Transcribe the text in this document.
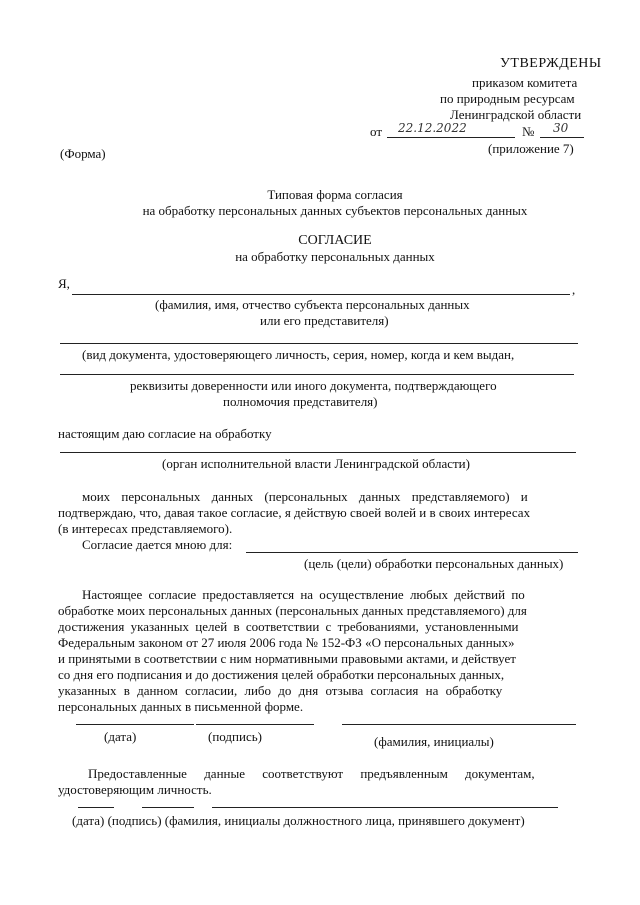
УТВЕРЖДЕНЫ
приказом комитета
по природным ресурсам
Ленинградской области
от 22.12.2022	№ 30
(приложение 7)
(Форма)
Типовая форма согласия
на обработку персональных данных субъектов персональных данных
СОГЛАСИЕ
на обработку персональных данных
Я,	,
(фамилия, имя, отчество субъекта персональных данных
или его представителя)
(вид документа, удостоверяющего личность, серия, номер, когда и кем выдан,
реквизиты доверенности или иного документа, подтверждающего
полномочия представителя)
настоящим даю согласие на обработку
(орган исполнительной власти Ленинградской области)
моих персональных данных (персональных данных представляемого) и
подтверждаю, что, давая такое согласие, я действую своей волей и в своих интересах
(в интересах представляемого).
Согласие дается мною для:
(цель (цели) обработки персональных данных)
Настоящее согласие предоставляется на осуществление любых действий по
обработке моих персональных данных (персональных данных представляемого) для
достижения указанных целей в соответствии с требованиями, установленными
Федеральным законом от 27 июля 2006 года № 152-ФЗ «О персональных данных»
и принятыми в соответствии с ним нормативными правовыми актами, и действует
со дня его подписания и до достижения целей обработки персональных данных,
указанных в данном согласии, либо до дня отзыва согласия на обработку
персональных данных в письменной форме.
(дата)	(подпись)	(фамилия, инициалы)
Предоставленные данные соответствуют предъявленным документам,
удостоверяющим личность.
(дата) (подпись) (фамилия, инициалы должностного лица, принявшего документ)
